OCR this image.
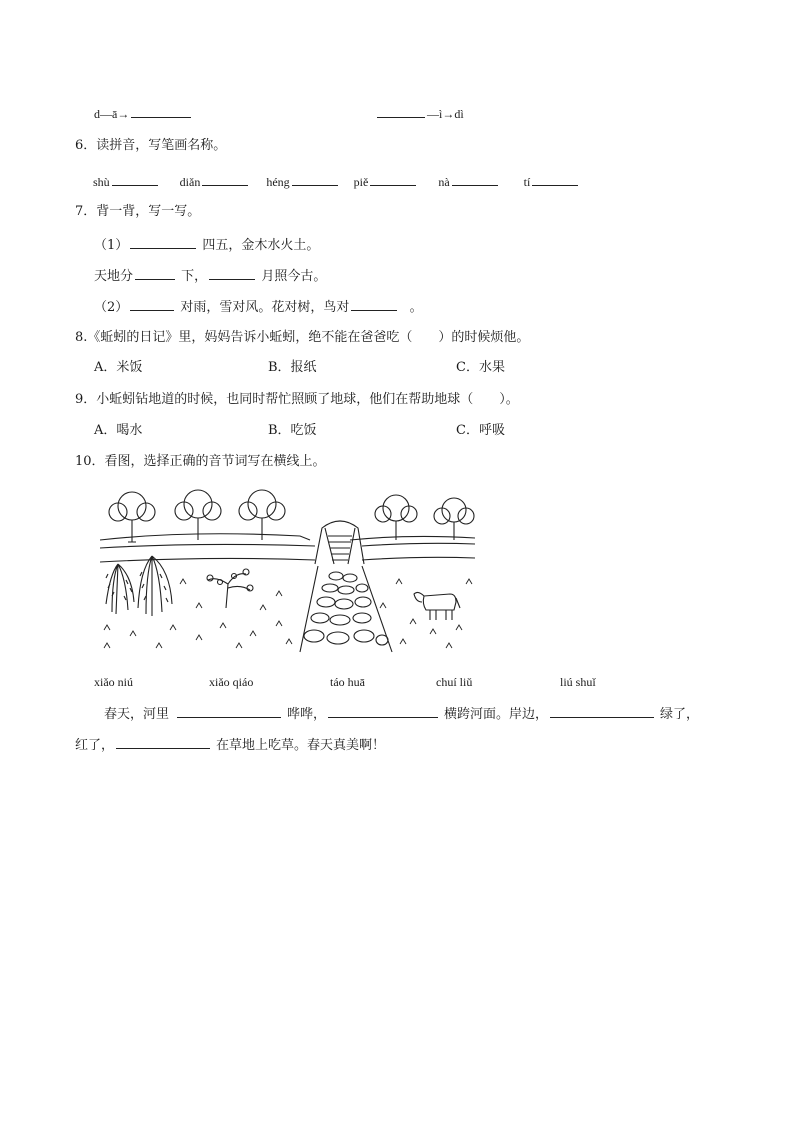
d—ā→	—ì→dì
6．读拼音，写笔画名称。
shù	diǎn	héng	piě	nà	tí
7．背一背，写一写。
（1）	四五，金木水火土。
天地分	下，	月照今古。
（2）	对雨，雪对风。花对树，鸟对	。
8.《蚯蚓的日记》里，妈妈告诉小蚯蚓，绝不能在爸爸吃（　　）的时候烦他。
A．米饭	B．报纸	C．水果
9．小蚯蚓钻地道的时候，也同时帮忙照顾了地球，他们在帮助地球（　　）。
A．喝水	B．吃饭	C．呼吸
10．看图，选择正确的音节词写在横线上。
xiǎo niú	xiǎo qiáo	táo huā	chuí liǔ	liú shuǐ
春天，河里	哗哗，	横跨河面。岸边，	绿了，
红了，	在草地上吃草。春天真美啊！
